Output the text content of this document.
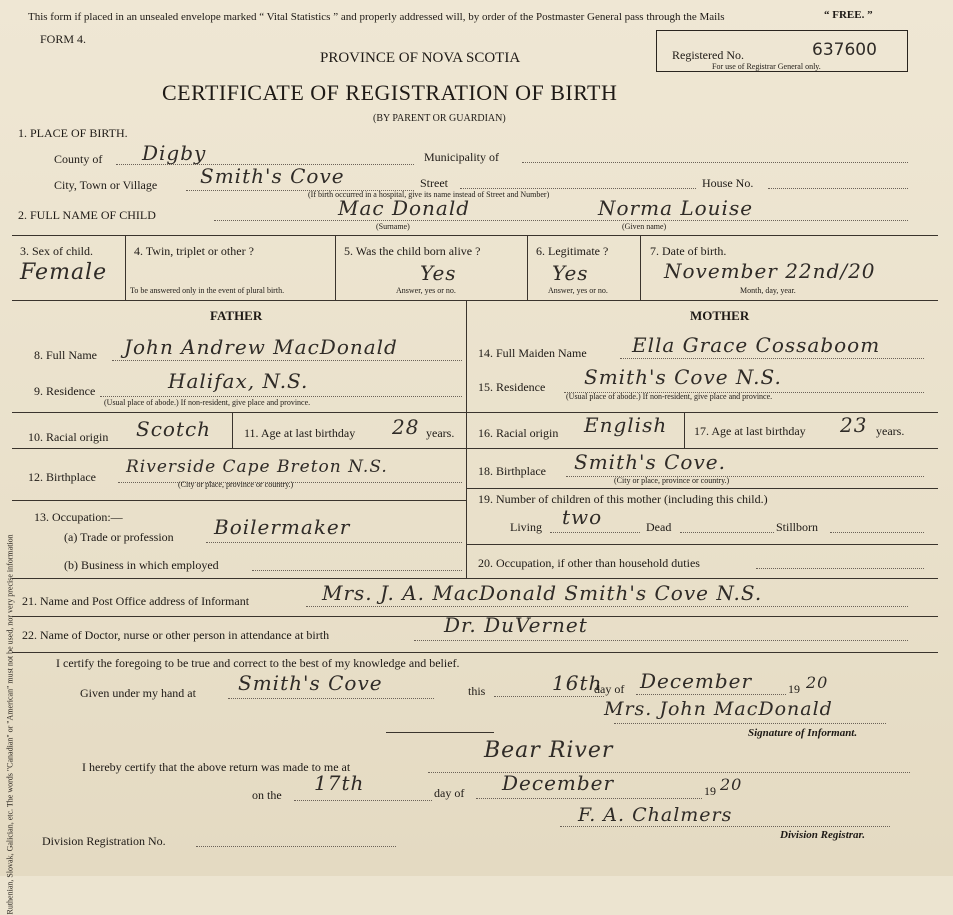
Ruthenian, Slovak, Galician, etc. The words "Canadian" or "American" must not be used, nor very precise information
This form if placed in an unsealed envelope marked “ Vital Statistics ” and properly addressed will, by order of the Postmaster General pass through the Mails	“ FREE. ”
FORM 4.
PROVINCE OF NOVA SCOTIA
CERTIFICATE OF REGISTRATION OF BIRTH
(BY PARENT OR GUARDIAN)
Registered No.	637600
For use of Registrar General only.
1. PLACE OF BIRTH.
County of Digby	Municipality of
City, Town or Village Smith's Cove	Street	House No.
(If birth occurred in a hospital, give its name instead of Street and Number)
2. FULL NAME OF CHILD	Mac Donald	Norma Louise
(Surname)	(Given name)
3. Sex of child.
Female
4. Twin, triplet or other ?
To be answered only in the event of plural birth.
5. Was the child born alive ?
Yes
Answer, yes or no.
6. Legitimate ?
Yes
Answer, yes or no.
7. Date of birth.
November 22nd/20
Month, day, year.
FATHER	MOTHER
8. Full Name John Andrew MacDonald
9. Residence	Halifax, N.S.
(Usual place of abode.) If non-resident, give place and province.
10. Racial origin Scotch	11. Age at last birthday 28 years.
12. Birthplace Riverside Cape Breton N.S.
(City or place, province or country.)
13. Occupation:—
(a) Trade or profession Boilermaker
(b) Business in which employed
14. Full Maiden Name Ella Grace Cossaboom
15. Residence Smith's Cove N.S.
(Usual place of abode.) If non-resident, give place and province.
16. Racial origin English 17. Age at last birthday 23 years.
18. Birthplace Smith's Cove.
(City or place, province or country.)
19. Number of children of this mother (including this child.)
Living two	Dead	Stillborn
20. Occupation, if other than household duties
21. Name and Post Office address of Informant	Mrs. J. A. MacDonald Smith's Cove N.S.
22. Name of Doctor, nurse or other person in attendance at birth	Dr. DuVernet
I certify the foregoing to be true and correct to the best of my knowledge and belief.
Given under my hand at Smith's Cove	this	16th
day of December	19 20
Mrs. John MacDonald
Signature of Informant.
I hereby certify that the above return was made to me at
Bear River
on the 17th	day of December	19 20
F. A. Chalmers
Division Registration No.	Division Registrar.
